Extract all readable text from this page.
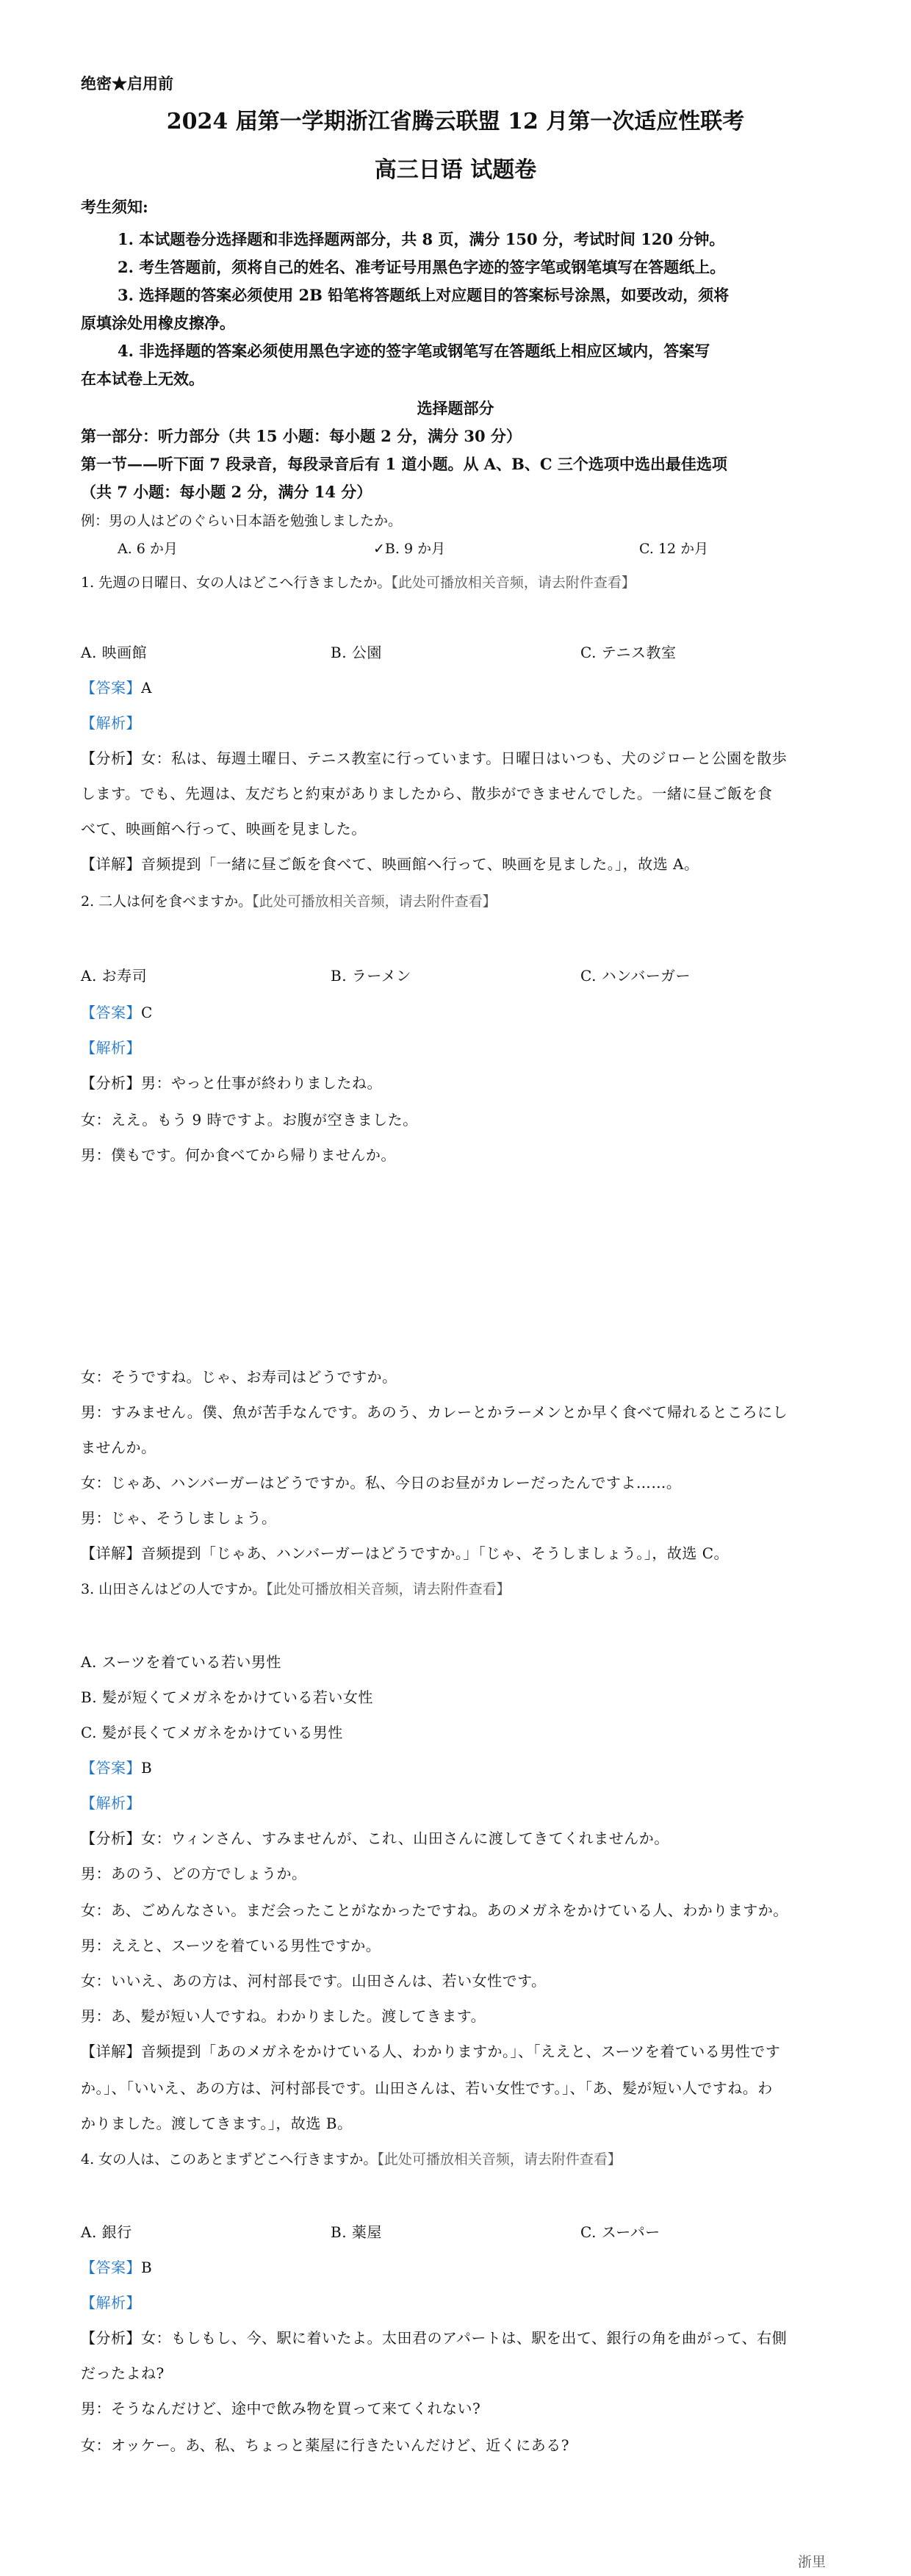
绝密★启用前
2024 届第一学期浙江省腾云联盟 12 月第一次适应性联考
高三日语 试题卷
考生须知:
1. 本试题卷分选择题和非选择题两部分，共 8 页，满分 150 分，考试时间 120 分钟。
2. 考生答题前，须将自己的姓名、准考证号用黑色字迹的签字笔或钢笔填写在答题纸上。
3. 选择题的答案必须使用 2B 铅笔将答题纸上对应题目的答案标号涂黑，如要改动，须将
原填涂处用橡皮擦净。
4. 非选择题的答案必须使用黑色字迹的签字笔或钢笔写在答题纸上相应区域内，答案写
在本试卷上无效。
选择题部分
第一部分：听力部分（共 15 小题：每小题 2 分，满分 30 分）
第一节——听下面 7 段录音，每段录音后有 1 道小题。从 A、B、C 三个选项中选出最佳选项
（共 7 小题：每小题 2 分，满分 14 分）
例：男の人はどのぐらい日本語を勉強しましたか。
A. 6 か月	✓B. 9 か月	C. 12 か月
1. 先週の日曜日、女の人はどこへ行きましたか。【此处可播放相关音频，请去附件查看】
A. 映画館	B. 公園	C. テニス教室
【答案】A
【解析】
【分析】女：私は、毎週土曜日、テニス教室に行っています。日曜日はいつも、犬のジローと公園を散歩
します。でも、先週は、友だちと約束がありましたから、散歩ができませんでした。一緒に昼ご飯を食
べて、映画館へ行って、映画を見ました。
【详解】音频提到「一緒に昼ご飯を食べて、映画館へ行って、映画を見ました。」，故选 A。
2. 二人は何を食べますか。【此处可播放相关音频，请去附件查看】
A. お寿司	B. ラーメン	C. ハンバーガー
【答案】C
【解析】
【分析】男：やっと仕事が終わりましたね。
女：ええ。もう 9 時ですよ。お腹が空きました。
男：僕もです。何か食べてから帰りませんか。
女：そうですね。じゃ、お寿司はどうですか。
男：すみません。僕、魚が苦手なんです。あのう、カレーとかラーメンとか早く食べて帰れるところにし
ませんか。
女：じゃあ、ハンバーガーはどうですか。私、今日のお昼がカレーだったんですよ……。
男：じゃ、そうしましょう。
【详解】音频提到「じゃあ、ハンバーガーはどうですか。」「じゃ、そうしましょう。」，故选 C。
3. 山田さんはどの人ですか。【此处可播放相关音频，请去附件查看】
A. スーツを着ている若い男性
B. 髪が短くてメガネをかけている若い女性
C. 髪が長くてメガネをかけている男性
【答案】B
【解析】
【分析】女：ウィンさん、すみませんが、これ、山田さんに渡してきてくれませんか。
男：あのう、どの方でしょうか。
女：あ、ごめんなさい。まだ会ったことがなかったですね。あのメガネをかけている人、わかりますか。
男：ええと、スーツを着ている男性ですか。
女：いいえ、あの方は、河村部長です。山田さんは、若い女性です。
男：あ、髪が短い人ですね。わかりました。渡してきます。
【详解】音频提到「あのメガネをかけている人、わかりますか。」、「ええと、スーツを着ている男性です
か。」、「いいえ、あの方は、河村部長です。山田さんは、若い女性です。」、「あ、髪が短い人ですね。わ
かりました。渡してきます。」，故选 B。
4. 女の人は、このあとまずどこへ行きますか。【此处可播放相关音频，请去附件查看】
A. 銀行	B. 薬屋	C. スーパー
【答案】B
【解析】
【分析】女：もしもし、今、駅に着いたよ。太田君のアパートは、駅を出て、銀行の角を曲がって、右側
だったよね?
男：そうなんだけど、途中で飲み物を買って来てくれない?
女：オッケー。あ、私、ちょっと薬屋に行きたいんだけど、近くにある?
浙里
